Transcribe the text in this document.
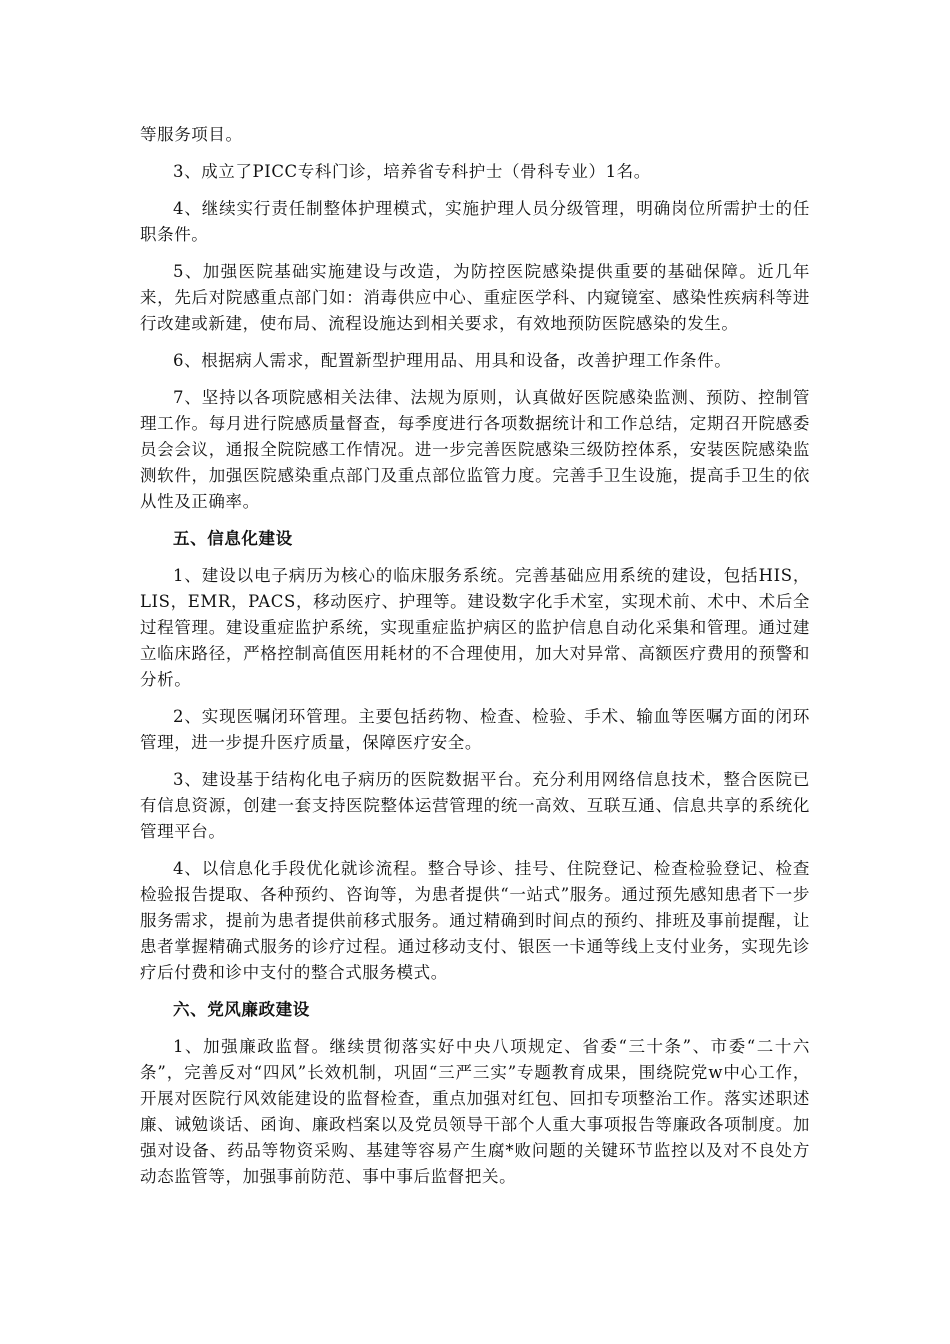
等服务项目。

3、成立了PICC专科门诊，培养省专科护士（骨科专业）1名。

4、继续实行责任制整体护理模式，实施护理人员分级管理，明确岗位所需护士的任职条件。

5、加强医院基础实施建设与改造，为防控医院感染提供重要的基础保障。近几年来，先后对院感重点部门如：消毒供应中心、重症医学科、内窥镜室、感染性疾病科等进行改建或新建，使布局、流程设施达到相关要求，有效地预防医院感染的发生。

6、根据病人需求，配置新型护理用品、用具和设备，改善护理工作条件。

7、坚持以各项院感相关法律、法规为原则，认真做好医院感染监测、预防、控制管理工作。每月进行院感质量督查，每季度进行各项数据统计和工作总结，定期召开院感委员会会议，通报全院院感工作情况。进一步完善医院感染三级防控体系，安装医院感染监测软件，加强医院感染重点部门及重点部位监管力度。完善手卫生设施，提高手卫生的依从性及正确率。

五、信息化建设

1、建设以电子病历为核心的临床服务系统。完善基础应用系统的建设，包括HIS，LIS，EMR，PACS，移动医疗、护理等。建设数字化手术室，实现术前、术中、术后全过程管理。建设重症监护系统，实现重症监护病区的监护信息自动化采集和管理。通过建立临床路径，严格控制高值医用耗材的不合理使用，加大对异常、高额医疗费用的预警和分析。

2、实现医嘱闭环管理。主要包括药物、检查、检验、手术、输血等医嘱方面的闭环管理，进一步提升医疗质量，保障医疗安全。

3、建设基于结构化电子病历的医院数据平台。充分利用网络信息技术，整合医院已有信息资源，创建一套支持医院整体运营管理的统一高效、互联互通、信息共享的系统化管理平台。

4、以信息化手段优化就诊流程。整合导诊、挂号、住院登记、检查检验登记、检查检验报告提取、各种预约、咨询等，为患者提供“一站式”服务。通过预先感知患者下一步服务需求，提前为患者提供前移式服务。通过精确到时间点的预约、排班及事前提醒，让患者掌握精确式服务的诊疗过程。通过移动支付、银医一卡通等线上支付业务，实现先诊疗后付费和诊中支付的整合式服务模式。

六、党风廉政建设

1、加强廉政监督。继续贯彻落实好中央八项规定、省委“三十条”、市委“二十六条”，完善反对“四风”长效机制，巩固“三严三实”专题教育成果，围绕院党w中心工作，开展对医院行风效能建设的监督检查，重点加强对红包、回扣专项整治工作。落实述职述廉、诫勉谈话、函询、廉政档案以及党员领导干部个人重大事项报告等廉政各项制度。加强对设备、药品等物资采购、基建等容易产生腐*败问题的关键环节监控以及对不良处方动态监管等，加强事前防范、事中事后监督把关。
